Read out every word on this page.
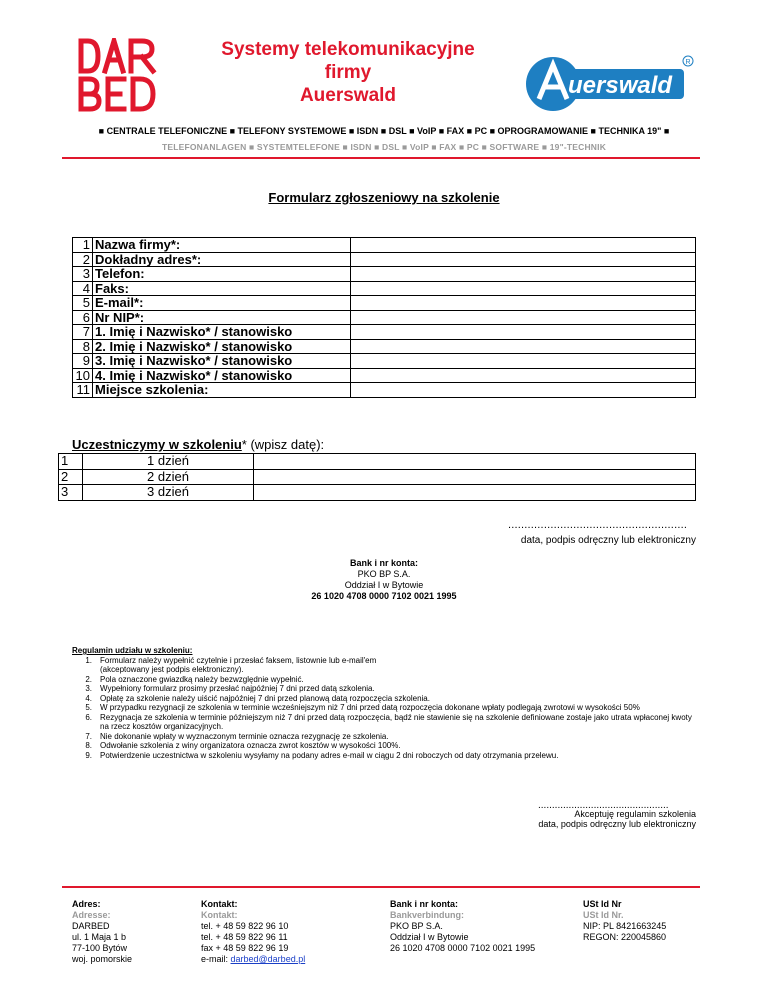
Systemy telekomunikacyjne
firmy
Auerswald	uerswald
R
■ CENTRALE TELEFONICZNE ■ TELEFONY SYSTEMOWE ■ ISDN ■ DSL ■ VoIP ■ FAX ■ PC ■ OPROGRAMOWANIE ■ TECHNIKA 19" ■
TELEFONANLAGEN ■ SYSTEMTELEFONE ■ ISDN ■ DSL ■ VoIP ■ FAX ■ PC ■ SOFTWARE ■ 19"-TECHNIK
Formularz zgłoszeniowy na szkolenie
1	Nazwa firmy*:	
2	Dokładny adres*:	
3	Telefon:	
4	Faks:	
5	E-mail*:	
6	Nr NIP*:	
7	1. Imię i Nazwisko* / stanowisko	
8	2. Imię i Nazwisko* / stanowisko	
9	3. Imię i Nazwisko* / stanowisko	
10	4. Imię i Nazwisko* / stanowisko	
11	Miejsce szkolenia:	
Uczestniczymy w szkoleniu* (wpisz datę):
1	1 dzień	
2	2 dzień	
3	3 dzień	
.......................................................
data, podpis odręczny lub elektroniczny
Bank i nr konta:
PKO BP S.A.
Oddział I w Bytowie
26 1020 4708 0000 7102 0021 1995
Regulamin udziału w szkoleniu:
1.	Formularz należy wypełnić czytelnie i przesłać faksem, listownie lub e-mail'em
(akceptowany jest podpis elektroniczny).
2.	Pola oznaczone gwiazdką należy bezwzględnie wypełnić.
3.	Wypełniony formularz prosimy przesłać najpóźniej 7 dni przed datą szkolenia.
4.	Opłatę za szkolenie należy uiścić najpóźniej 7 dni przed planową datą rozpoczęcia szkolenia.
5.	W przypadku rezygnacji ze szkolenia w terminie wcześniejszym niż 7 dni przed datą rozpoczęcia dokonane wpłaty podlegają zwrotowi w wysokości 50%
6.	Rezygnacja ze szkolenia w terminie późniejszym niż 7 dni przed datą rozpoczęcia, bądź nie stawienie się na szkolenie definiowane zostaje jako utrata wpłaconej kwoty na rzecz kosztów organizacyjnych.
7.	Nie dokonanie wpłaty w wyznaczonym terminie oznacza rezygnację ze szkolenia.
8.	Odwołanie szkolenia z winy organizatora oznacza zwrot kosztów w wysokości 100%.
9.	Potwierdzenie uczestnictwa w szkoleniu wysyłamy na podany adres e-mail w ciągu 2 dni roboczych od daty otrzymania przelewu.
...............................................
Akceptuję regulamin szkolenia
data, podpis odręczny lub elektroniczny
Adres:
Adresse:
DARBED
ul. 1 Maja 1 b
77-100 Bytów
woj. pomorskie
Kontakt:
Kontakt:
tel. + 48 59 822 96 10
tel. + 48 59 822 96 11
fax + 48 59 822 96 19
e-mail: darbed@darbed.pl
Bank i nr konta:
Bankverbindung:
PKO BP S.A.
Oddział I w Bytowie
26 1020 4708 0000 7102 0021 1995
USt Id Nr
USt Id Nr.
NIP: PL 8421663245
REGON: 220045860
